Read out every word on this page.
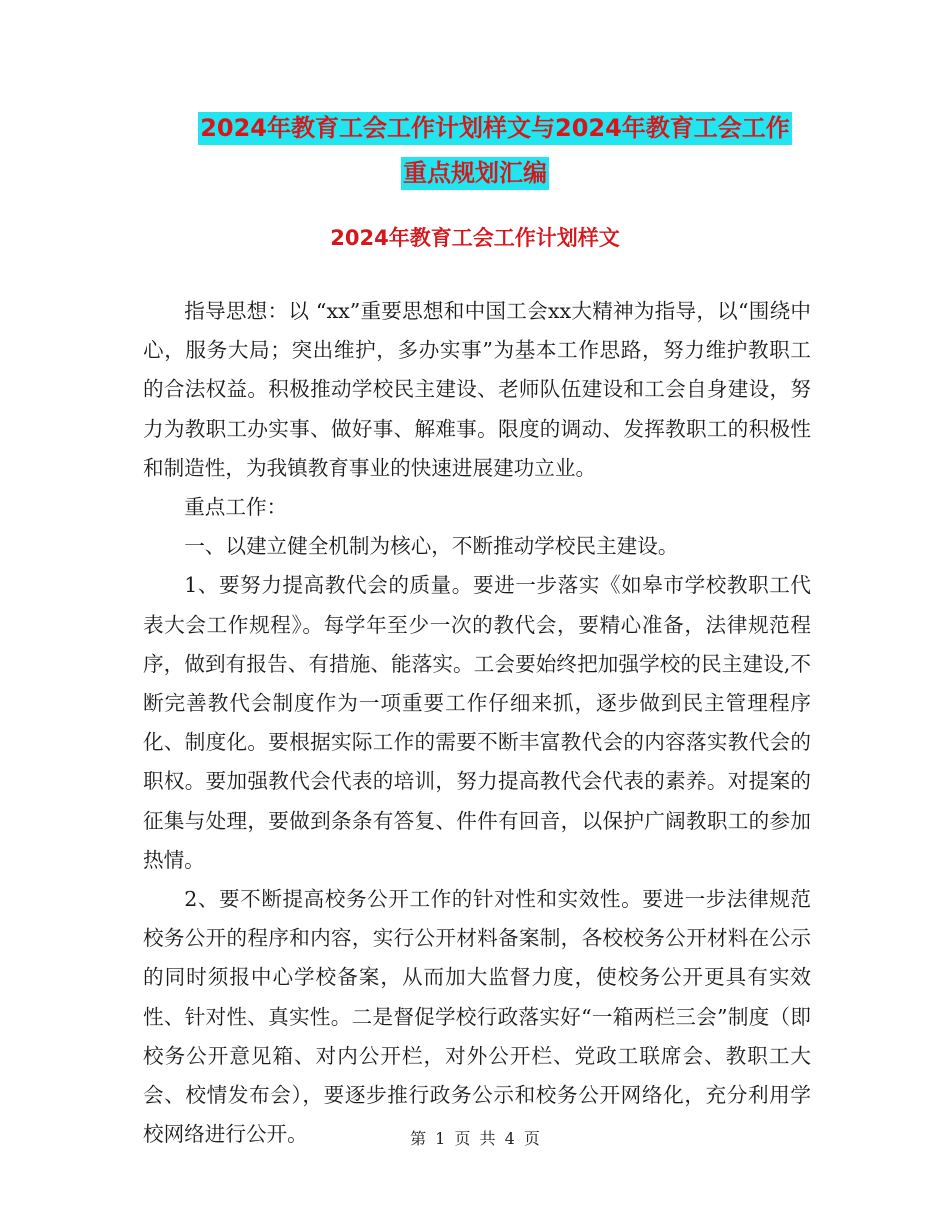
2024年教育工会工作计划样文与2024年教育工会工作
重点规划汇编
2024年教育工会工作计划样文

指导思想：以 “xx”重要思想和中国工会xx大精神为指导，以“围绕中心，服务大局；突出维护，多办实事”为基本工作思路，努力维护教职工的合法权益。积极推动学校民主建设、老师队伍建设和工会自身建设，努力为教职工办实事、做好事、解难事。限度的调动、发挥教职工的积极性和制造性，为我镇教育事业的快速进展建功立业。

重点工作：

一、以建立健全机制为核心，不断推动学校民主建设。

1、要努力提高教代会的质量。要进一步落实《如皋市学校教职工代表大会工作规程》。每学年至少一次的教代会，要精心准备，法律规范程序，做到有报告、有措施、能落实。工会要始终把加强学校的民主建设,不断完善教代会制度作为一项重要工作仔细来抓，逐步做到民主管理程序化、制度化。要根据实际工作的需要不断丰富教代会的内容落实教代会的职权。要加强教代会代表的培训，努力提高教代会代表的素养。对提案的征集与处理，要做到条条有答复、件件有回音，以保护广阔教职工的参加热情。

2、要不断提高校务公开工作的针对性和实效性。要进一步法律规范校务公开的程序和内容，实行公开材料备案制，各校校务公开材料在公示的同时须报中心学校备案，从而加大监督力度，使校务公开更具有实效性、针对性、真实性。二是督促学校行政落实好“一箱两栏三会”制度（即校务公开意见箱、对内公开栏，对外公开栏、党政工联席会、教职工大会、校情发布会），要逐步推行政务公示和校务公开网络化，充分利用学校网络进行公开。	第 1 页 共 4 页
